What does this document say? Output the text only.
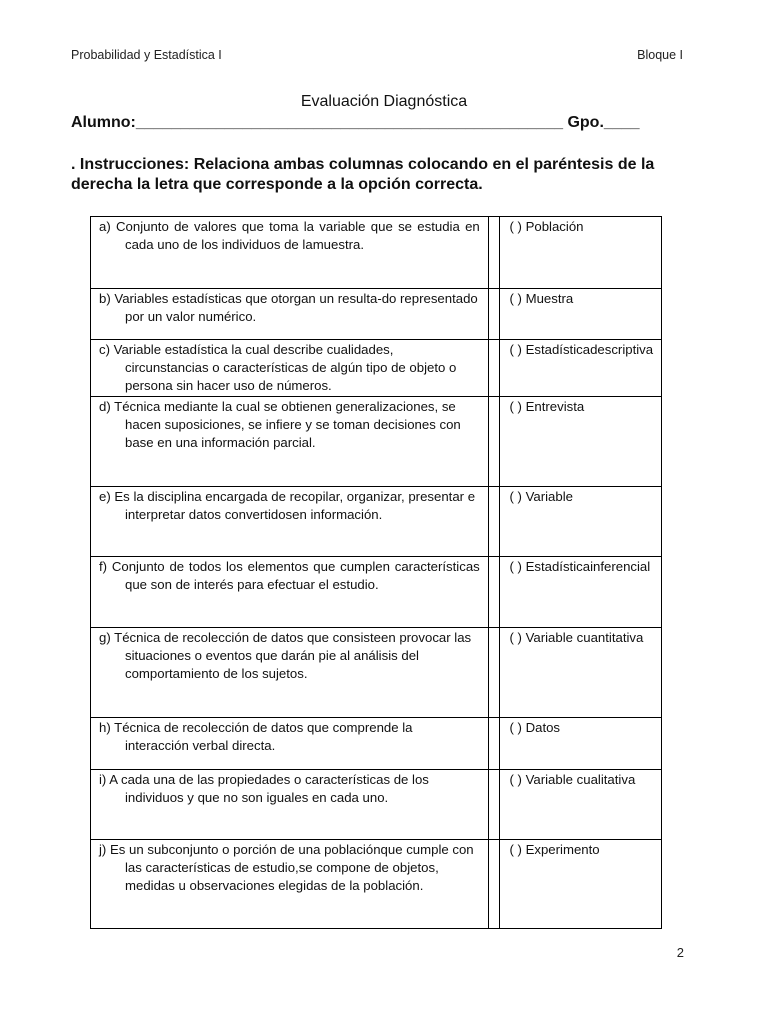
Probabilidad y Estadística I	Bloque I
Evaluación Diagnóstica
Alumno:________________________________________________ Gpo.____
. Instrucciones: Relaciona ambas columnas colocando en el paréntesis de la derecha la letra que corresponde a la opción correcta.
a) Conjunto de valores que toma la variable que se estudia en cada uno de los individuos de lamuestra.		( ) Población

b) Variables estadísticas que otorgan un resulta-do representado por un valor numérico.		( ) Muestra

c) Variable estadística la cual describe cualidades, circunstancias o características de algún tipo de objeto o persona sin hacer uso de números.		( ) Estadísticadescriptiva

d) Técnica mediante la cual se obtienen generalizaciones, se hacen suposiciones, se infiere y se toman decisiones con base en una información parcial.		( ) Entrevista

e) Es la disciplina encargada de recopilar, organizar, presentar e interpretar datos convertidosen información.		( ) Variable

f) Conjunto de todos los elementos que cumplen características que son de interés para efectuar el estudio.		( ) Estadísticainferencial

g) Técnica de recolección de datos que consisteen provocar las situaciones o eventos que darán pie al análisis del comportamiento de los sujetos.		( ) Variable cuantitativa

h) Técnica de recolección de datos que comprende la interacción verbal directa.		( ) Datos

i) A cada una de las propiedades o características de los individuos y que no son iguales en cada uno.		( ) Variable cualitativa

j) Es un subconjunto o porción de una poblaciónque cumple con las características de estudio,se compone de objetos, medidas u observaciones elegidas de la población.		( ) Experimento
2
